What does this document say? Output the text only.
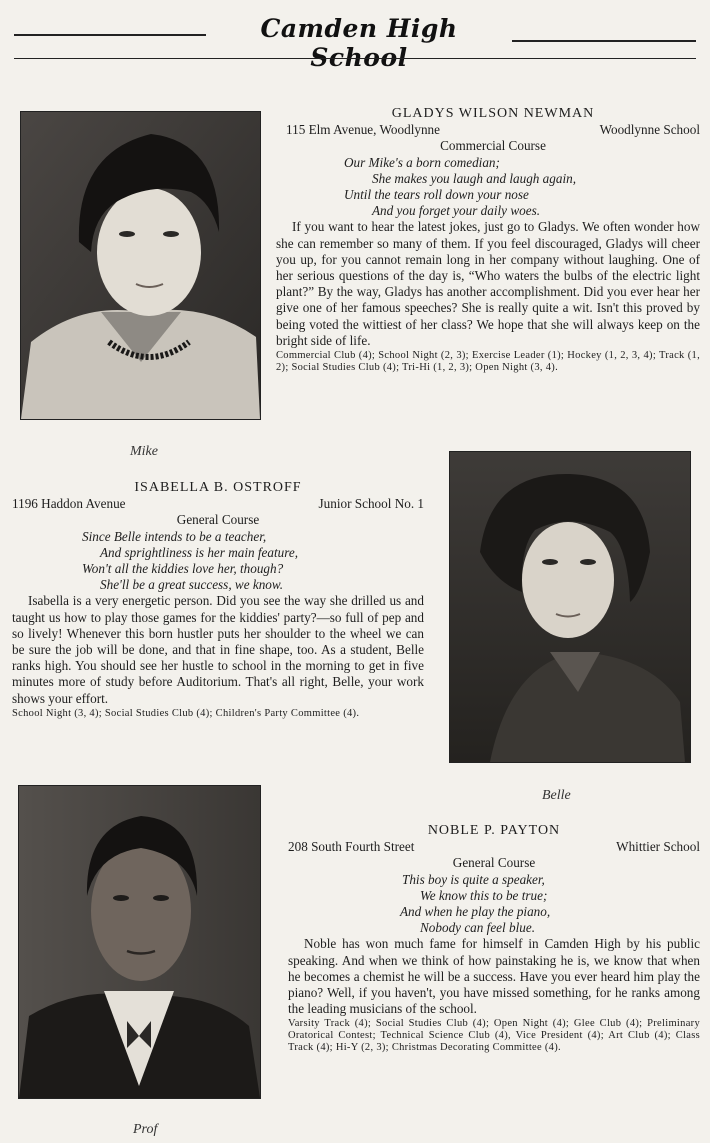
Camden High School
Mike
GLADYS WILSON NEWMAN
115 Elm Avenue, Woodlynne	Woodlynne School
Commercial Course
Our Mike's a born comedian;
She makes you laugh and laugh again,
Until the tears roll down your nose
And you forget your daily woes.
If you want to hear the latest jokes, just go to Gladys. We often wonder how she can remember so many of them. If you feel discouraged, Gladys will cheer you up, for you cannot remain long in her company without laughing. One of her serious questions of the day is, “Who waters the bulbs of the electric light plant?” By the way, Gladys has another accomplishment. Did you ever hear her give one of her famous speeches? She is really quite a wit. Isn't this proved by being voted the wittiest of her class? We hope that she will always keep on the bright side of life.
Commercial Club (4); School Night (2, 3); Exercise Leader (1); Hockey (1, 2, 3, 4); Track (1, 2); Social Studies Club (4); Tri-Hi (1, 2, 3); Open Night (3, 4).
ISABELLA B. OSTROFF
1196 Haddon Avenue	Junior School No. 1
General Course
Since Belle intends to be a teacher,
And sprightliness is her main feature,
Won't all the kiddies love her, though?
She'll be a great success, we know.
Isabella is a very energetic person. Did you see the way she drilled us and taught us how to play those games for the kiddies' party?—so full of pep and so lively! Whenever this born hustler puts her shoulder to the wheel we can be sure the job will be done, and that in fine shape, too. As a student, Belle ranks high. You should see her hustle to school in the morning to get in five minutes more of study before Auditorium. That's all right, Belle, your work shows your effort.
School Night (3, 4); Social Studies Club (4); Children's Party Committee (4).
Belle
Prof
NOBLE P. PAYTON
208 South Fourth Street	Whittier School
General Course
This boy is quite a speaker,
We know this to be true;
And when he play the piano,
Nobody can feel blue.
Noble has won much fame for himself in Camden High by his public speaking. And when we think of how painstaking he is, we know that when he becomes a chemist he will be a success. Have you ever heard him play the piano? Well, if you haven't, you have missed something, for he ranks among the leading musicians of the school.
Varsity Track (4); Social Studies Club (4); Open Night (4); Glee Club (4); Preliminary Oratorical Contest; Technical Science Club (4), Vice President (4); Art Club (4); Class Track (4); Hi-Y (2, 3); Christmas Decorating Committee (4).
